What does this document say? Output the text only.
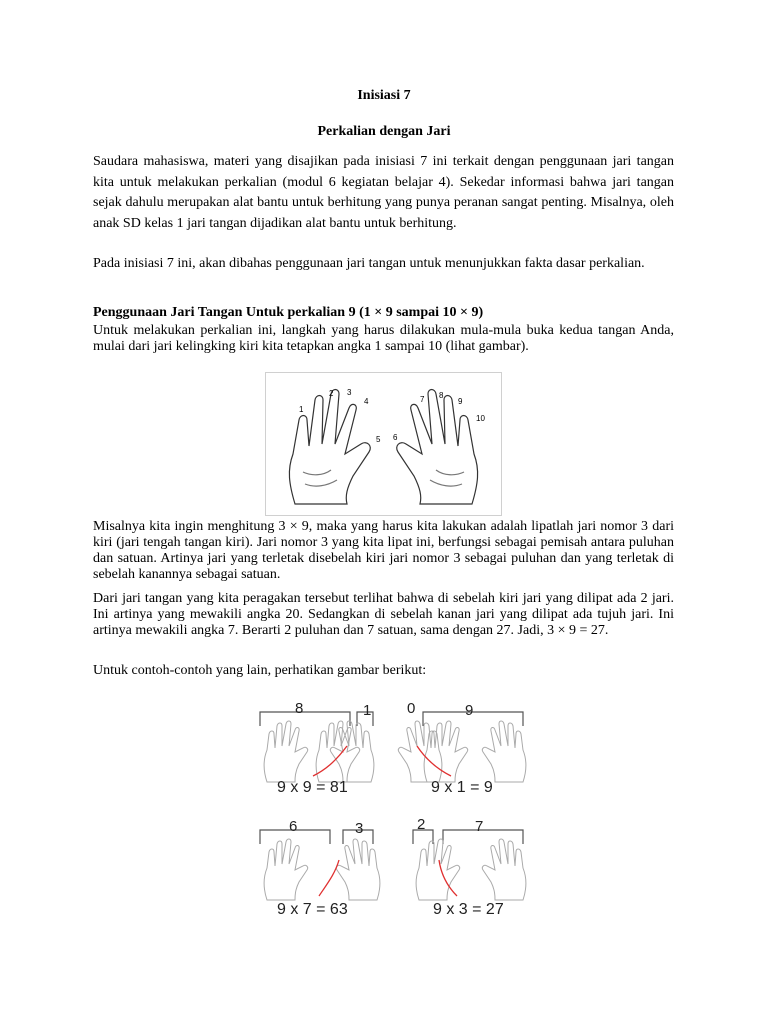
Inisiasi 7
Perkalian dengan Jari
Saudara mahasiswa, materi yang disajikan pada inisiasi 7 ini terkait dengan penggunaan jari tangan kita untuk melakukan perkalian (modul 6 kegiatan belajar 4). Sekedar informasi bahwa jari tangan sejak dahulu merupakan alat bantu untuk berhitung yang punya peranan sangat penting. Misalnya, oleh anak SD kelas 1 jari tangan dijadikan alat bantu untuk berhitung.
Pada inisiasi 7 ini, akan dibahas penggunaan jari tangan untuk menunjukkan fakta dasar perkalian.
Penggunaan Jari Tangan Untuk perkalian 9 (1 × 9 sampai 10 × 9)
Untuk melakukan perkalian ini, langkah yang harus dilakukan mula-mula buka kedua tangan Anda, mulai dari jari kelingking kiri kita tetapkan angka 1 sampai 10 (lihat gambar).
1
2 3
4
5 6
7 8
9
10
Misalnya kita ingin menghitung 3 × 9, maka yang harus kita lakukan adalah lipatlah jari nomor 3 dari kiri (jari tengah tangan kiri). Jari nomor 3 yang kita lipat ini, berfungsi sebagai pemisah antara puluhan dan satuan. Artinya jari yang terletak disebelah kiri jari nomor 3 sebagai puluhan dan yang terletak di sebelah kanannya sebagai satuan.
Dari jari tangan yang kita peragakan tersebut terlihat bahwa di sebelah kiri jari yang dilipat ada 2 jari. Ini artinya yang mewakili angka 20. Sedangkan di sebelah kanan jari yang dilipat ada tujuh jari. Ini artinya mewakili angka 7. Berarti 2 puluhan dan 7 satuan, sama dengan 27. Jadi, 3 × 9 = 27.
Untuk contoh-contoh yang lain, perhatikan gambar berikut:
8	1
9 x 9 = 81
0	9
9 x 1 = 9
6	3
9 x 7 = 63
2	7
9 x 3 = 27
